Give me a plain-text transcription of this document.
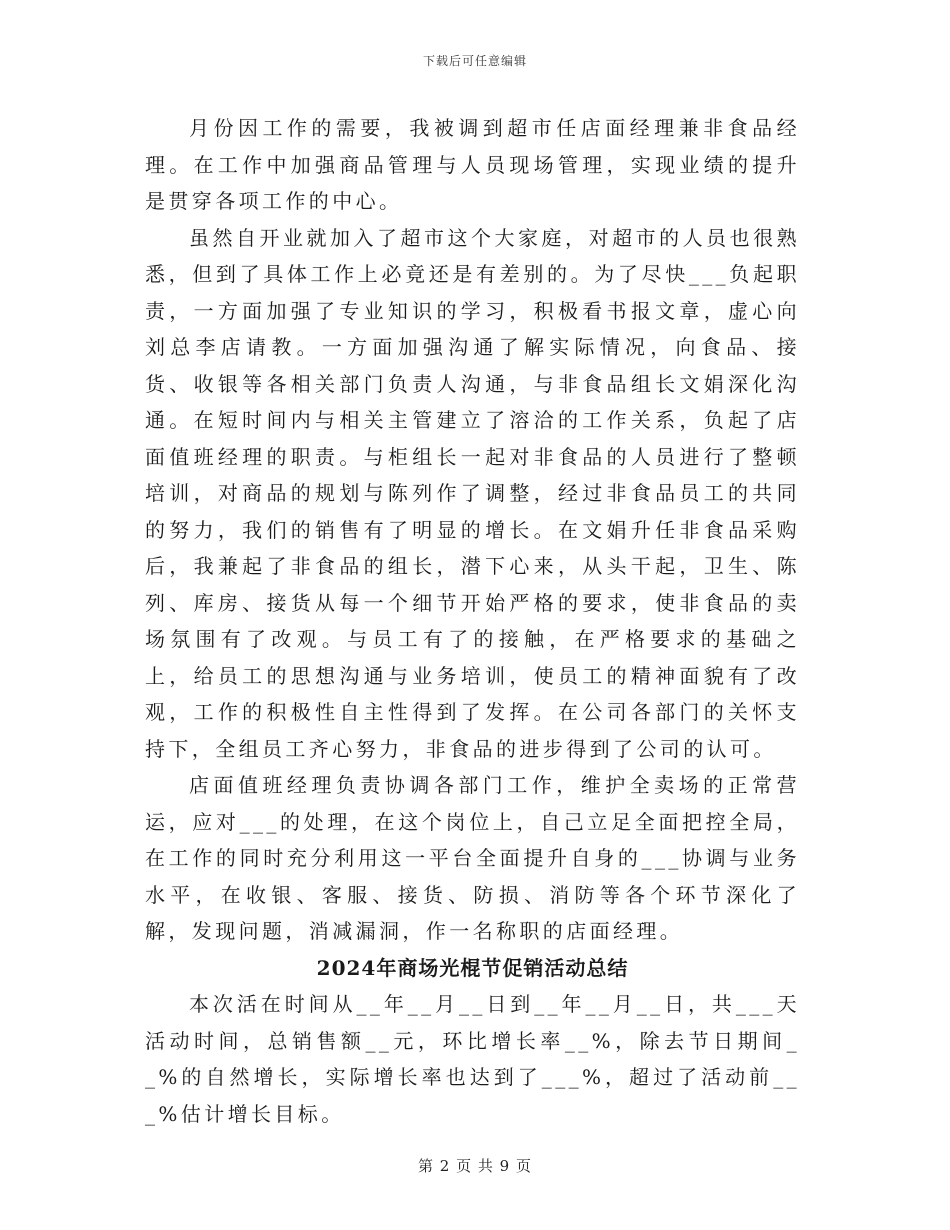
下载后可任意编辑

月份因工作的需要，我被调到超市任店面经理兼非食品经理。在工作中加强商品管理与人员现场管理，实现业绩的提升是贯穿各项工作的中心。

虽然自开业就加入了超市这个大家庭，对超市的人员也很熟悉，但到了具体工作上必竟还是有差别的。为了尽快___负起职责，一方面加强了专业知识的学习，积极看书报文章，虚心向刘总李店请教。一方面加强沟通了解实际情况，向食品、接货、收银等各相关部门负责人沟通，与非食品组长文娟深化沟通。在短时间内与相关主管建立了溶洽的工作关系，负起了店面值班经理的职责。与柜组长一起对非食品的人员进行了整顿培训，对商品的规划与陈列作了调整，经过非食品员工的共同的努力，我们的销售有了明显的增长。在文娟升任非食品采购后，我兼起了非食品的组长，潜下心来，从头干起，卫生、陈列、库房、接货从每一个细节开始严格的要求，使非食品的卖场氛围有了改观。与员工有了的接触，在严格要求的基础之上，给员工的思想沟通与业务培训，使员工的精神面貌有了改观，工作的积极性自主性得到了发挥。在公司各部门的关怀支持下，全组员工齐心努力，非食品的进步得到了公司的认可。

店面值班经理负责协调各部门工作，维护全卖场的正常营运，应对___的处理，在这个岗位上，自己立足全面把控全局，在工作的同时充分利用这一平台全面提升自身的___协调与业务水平，在收银、客服、接货、防损、消防等各个环节深化了解，发现问题，消减漏洞，作一名称职的店面经理。

2024年商场光棍节促销活动总结

本次活在时间从__年__月__日到__年__月__日，共___天活动时间，总销售额__元，环比增长率__%，除去节日期间__%的自然增长，实际增长率也达到了___%，超过了活动前___%估计增长目标。

第 2 页 共 9 页
